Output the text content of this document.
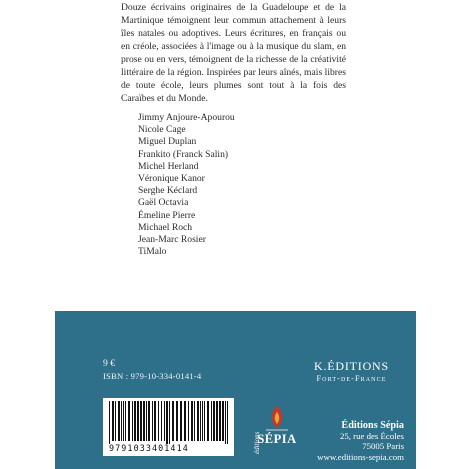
Douze écrivains originaires de la Guadeloupe et de la Martinique témoignent leur commun attachement à leurs îles natales ou adoptives. Leurs écritures, en français ou en créole, associées à l'image ou à la musique du slam, en prose ou en vers, témoignent de la richesse de la créativité littéraire de la région. Inspirées par leurs aînés, mais libres de toute école, leurs plumes sont tout à la fois des Caraïbes et du Monde.

Jimmy Anjoure-Apourou
Nicole Cage
Miguel Duplan
Frankito (Franck Salin)
Michel Herland
Véronique Kanor
Serghe Kéclard
Gaël Octavia
Émeline Pierre
Michael Roch
Jean-Marc Rosier
TiMalo
9 €
ISBN : 979-10-334-0141-4
9791033401414	éditions
SÉPIA
K.ÉDITIONS
Fort-de-France
Éditions Sépia
25, rue des Écoles
75005 Paris
www.editions-sepia.com
